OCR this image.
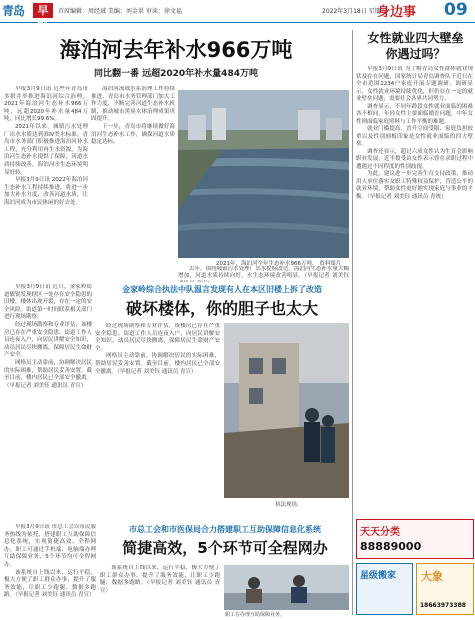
青岛	早报
首席编辑：周经域 美编：刘金翠 审读：徐文福	2022年3月18日 星期五
身边事 09
海泊河去年补水966万吨
同比翻一番 远超2020年补水量484万吨

早报3月9日讯 近些年青岛市多措并举推进海泊河综合治理，2021年海泊河生态补水966万吨，远超2020年补水量484万吨，同比增长99.6%。

2021年以来，城镇污水处理厂出水水质达到准Ⅳ类水标准。青岛市水务部门积极推进海泊河补水工程，充分利用再生水资源，为海泊河生态补水提供了保障，河道水质持续改善，海泊河水生态环境明显好转。

早报3月9日讯 2022年海泊河生态补水工程持续推进，将进一步加大补水力度，改善河道水质，让海泊河成为市民休闲的好去处。

海泊河流域水系治理工作持续推进，青岛市水务管理部门加大工作力度，不断完善河道生态补水机制，推动城市黑臭水体治理成果巩固提升。

下一步，青岛市将继续做好海泊河生态补水工作，确保河道水质稳定达标。

2021年，海泊河全年生态补水966万吨。 资料图片

去年，围绕城镇污水处理厂出水提标改造，海泊河生态补水量大幅增加，河道水质持续向好，水生态环境改善明显。（早报记者 刘美钰

早报3月9日讯 近日，金家岭街道敏锐发现辖区一处存在安全隐患的旧楼，楼体出现开裂，存在一定的安全风险。街道第一时间联系相关部门进行现场勘察。

经过现场勘察和专业评估，该楼房已存在严重安全隐患。街道工作人员连夜入户，向居民讲解安全知识，动员居民尽快搬离，保障居民生命财产安全。

网格员主动靠前，协调解决居民的实际困难，帮助居民妥善安置。截至目前，楼内居民已全部安全撤离。（早报记者 刘美钰 通讯员 青宣）

金家岭综合执法中队温言发现有人在本区旧楼上拆了改造
破坏楼体，你的胆子也太大

经过现场勘察和专业评估，该楼房已存在严重安全隐患。街道工作人员连夜入户，向居民讲解安全知识，动员居民尽快搬离，保障居民生命财产安全。

网格员主动靠前，协调解决居民的实际困难，帮助居民妥善安置。截至目前，楼内居民已全部安全撤离。（早报记者 刘美钰 通讯员 青宣）

执法现场。

早报3月9日讯 市总工会以市民服务热线为依托，搭建职工互助保障信息化系统，实现简捷高效、全程网办。职工可通过手机端、电脑端办理互助保障业务，5个环节均可全程网办。

该系统自上线以来，运行平稳，极大方便了职工群众办事，提升了服务效能，让职工少跑腿、数据多跑路。（早报记者 刘美钰 通讯员 青宣）

市总工会和市医保局合力搭建职工互助保障信息化系统
简捷高效，5个环节可全程网办

该系统自上线以来，运行平稳，极大方便了职工群众办事，提升了服务效能，让职工少跑腿、数据多跑路。（早报记者 刘美钰 通讯员 青宣）

职工在办理互助保障业务。
女性就业四大壁垒
你遇过吗？

早报3月9日讯 为了解青岛女性群体就业现状及存在问题，国家统计局青岛调查队于近日在全市范围1234户家庭开展专题调研。调研显示，女性就业环境持续优化，但仍存在一定的就业壁垒问题，需要社会各界共同努力。

调查显示，不同年龄段女性就业面临的困难各不相同，年轻女性主要面临婚育问题，中年女性则面临家庭照料与工作平衡的难题。

就业门槛提高、晋升空间受限、家庭负担较重以及性别刻板印象是女性就业面临的四大壁垒。

调查还显示，超过六成女性认为生育会影响职业发展，近半数受访女性表示曾在求职过程中遭遇过不同程度的性别歧视。

为此，建议进一步完善生育支持政策，推动用人单位落实女职工特殊权益保护，营造公平的就业环境，帮助女性更好地实现家庭与事业的平衡。（早报记者 刘美钰 通讯员 青统）

天天分类
88889000
星级搬家 大象
18663973388
